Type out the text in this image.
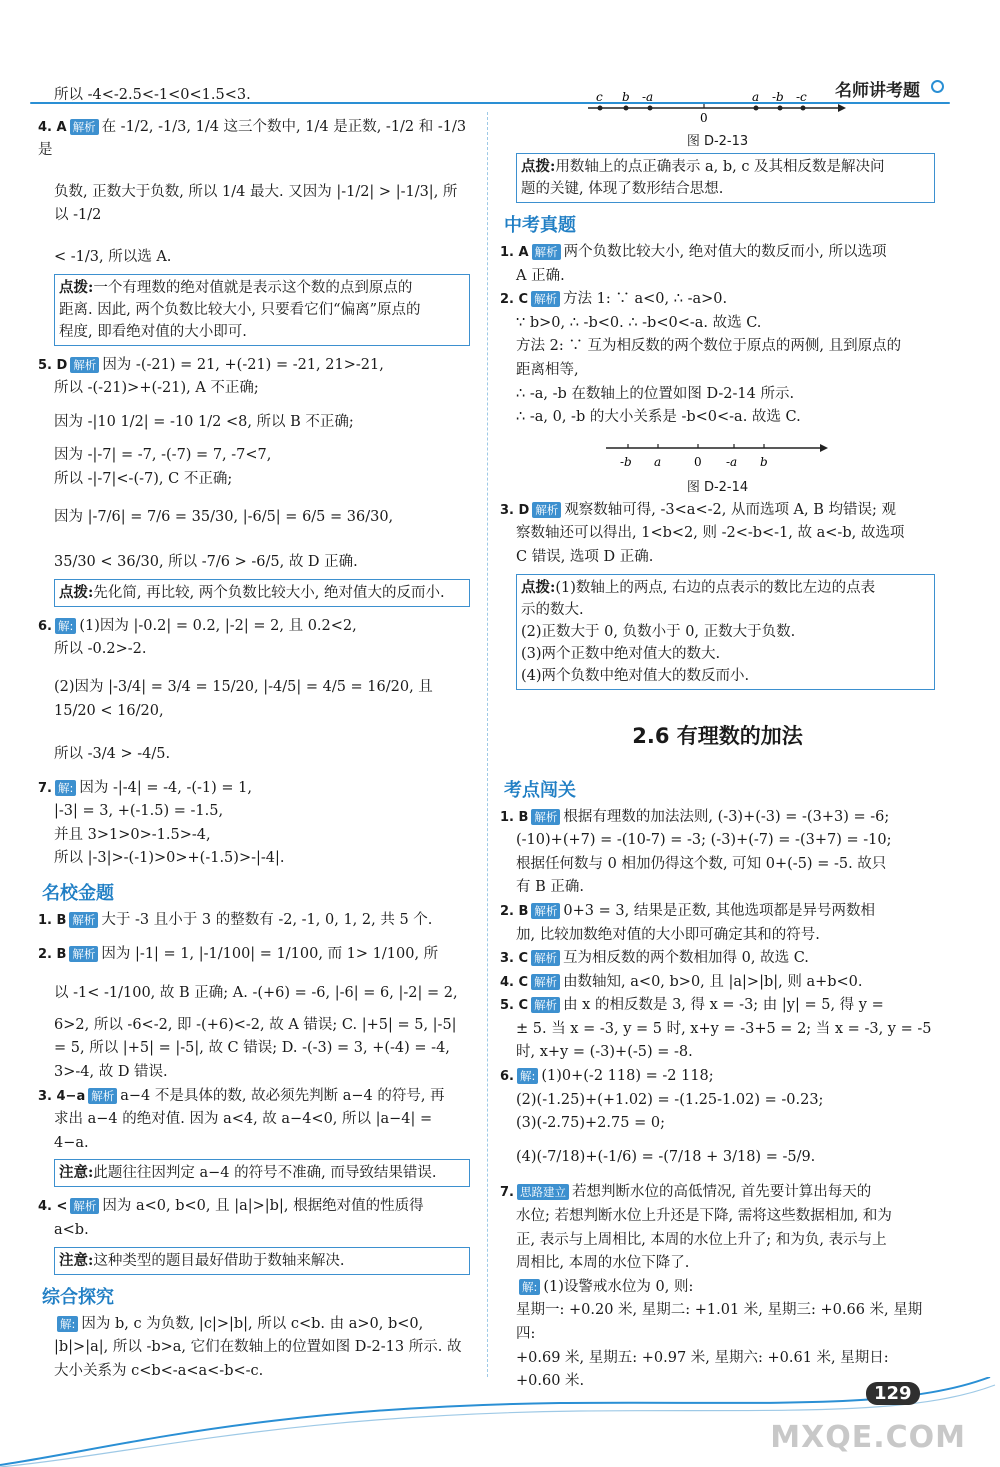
名师讲考题

所以 -4<-2.5<-1<0<1.5<3.

4. A 解析 在 -1/2, -1/3, 1/4 这三个数中, 1/4 是正数, -1/2 和 -1/3 是

负数, 正数大于负数, 所以 1/4 最大. 又因为 |-1/2| > |-1/3|, 所以 -1/2

< -1/3, 所以选 A.

点拨:一个有理数的绝对值就是表示这个数的点到原点的

距离. 因此, 两个负数比较大小, 只要看它们“偏离”原点的

程度, 即看绝对值的大小即可.

5. D 解析 因为 -(-21) = 21, +(-21) = -21, 21>-21,

所以 -(-21)>+(-21), A 不正确;

因为 -|10 1/2| = -10 1/2 <8, 所以 B 不正确;

因为 -|-7| = -7, -(-7) = 7, -7<7,

所以 -|-7|<-(-7), C 不正确;

因为 |-7/6| = 7/6 = 35/30, |-6/5| = 6/5 = 36/30,

35/30 < 36/30, 所以 -7/6 > -6/5, 故 D 正确.

点拨:先化简, 再比较, 两个负数比较大小, 绝对值大的反而小.

6. 解: (1)因为 |-0.2| = 0.2, |-2| = 2, 且 0.2<2,

所以 -0.2>-2.

(2)因为 |-3/4| = 3/4 = 15/20, |-4/5| = 4/5 = 16/20, 且 15/20 < 16/20,

所以 -3/4 > -4/5.

7. 解: 因为 -|-4| = -4, -(-1) = 1,

|-3| = 3, +(-1.5) = -1.5,

并且 3>1>0>-1.5>-4,

所以 |-3|>-(-1)>0>+(-1.5)>-|-4|.

名校金题

1. B 解析 大于 -3 且小于 3 的整数有 -2, -1, 0, 1, 2, 共 5 个.

2. B 解析 因为 |-1| = 1, |-1/100| = 1/100, 而 1> 1/100, 所

以 -1< -1/100, 故 B 正确; A. -(+6) = -6, |-6| = 6, |-2| = 2,

6>2, 所以 -6<-2, 即 -(+6)<-2, 故 A 错误; C. |+5| = 5, |-5|

= 5, 所以 |+5| = |-5|, 故 C 错误; D. -(-3) = 3, +(-4) = -4,

3>-4, 故 D 错误.

3. 4−a 解析 a−4 不是具体的数, 故必须先判断 a−4 的符号, 再

求出 a−4 的绝对值. 因为 a<4, 故 a−4<0, 所以 |a−4| = 4−a.

注意:此题往往因判定 a−4 的符号不准确, 而导致结果错误.

4. < 解析 因为 a<0, b<0, 且 |a|>|b|, 根据绝对值的性质得

a<b.

注意:这种类型的题目最好借助于数轴来解决.

综合探究

解: 因为 b, c 为负数, |c|>|b|, 所以 c<b. 由 a>0, b<0,

|b|>|a|, 所以 -b>a, 它们在数轴上的位置如图 D-2-13 所示. 故

大小关系为 c<b<-a<a<-b<-c.

c b -a
0
a -b -c
图 D-2-13

点拨:用数轴上的点正确表示 a, b, c 及其相反数是解决问

题的关键, 体现了数形结合思想.

中考真题

1. A 解析 两个负数比较大小, 绝对值大的数反而小, 所以选项

A 正确.

2. C 解析 方法 1: ∵ a<0, ∴ -a>0.

∵ b>0, ∴ -b<0. ∴ -b<0<-a. 故选 C.

方法 2: ∵ 互为相反数的两个数位于原点的两侧, 且到原点的

距离相等,

∴ -a, -b 在数轴上的位置如图 D-2-14 所示.

∴ -a, 0, -b 的大小关系是 -b<0<-a. 故选 C.

-b a	0 -a b
图 D-2-14

3. D 解析 观察数轴可得, -3<a<-2, 从而选项 A, B 均错误; 观

察数轴还可以得出, 1<b<2, 则 -2<-b<-1, 故 a<-b, 故选项

C 错误, 选项 D 正确.

点拨:(1)数轴上的两点, 右边的点表示的数比左边的点表

示的数大.

(2)正数大于 0, 负数小于 0, 正数大于负数.

(3)两个正数中绝对值大的数大.

(4)两个负数中绝对值大的数反而小.

2.6 有理数的加法
考点闯关

1. B 解析 根据有理数的加法法则, (-3)+(-3) = -(3+3) = -6;

(-10)+(+7) = -(10-7) = -3; (-3)+(-7) = -(3+7) = -10;

根据任何数与 0 相加仍得这个数, 可知 0+(-5) = -5. 故只

有 B 正确.

2. B 解析 0+3 = 3, 结果是正数, 其他选项都是异号两数相

加, 比较加数绝对值的大小即可确定其和的符号.

3. C 解析 互为相反数的两个数相加得 0, 故选 C.

4. C 解析 由数轴知, a<0, b>0, 且 |a|>|b|, 则 a+b<0.

5. C 解析 由 x 的相反数是 3, 得 x = -3; 由 |y| = 5, 得 y =

± 5. 当 x = -3, y = 5 时, x+y = -3+5 = 2; 当 x = -3, y = -5

时, x+y = (-3)+(-5) = -8.

6. 解: (1)0+(-2 118) = -2 118;

(2)(-1.25)+(+1.02) = -(1.25-1.02) = -0.23;

(3)(-2.75)+2.75 = 0;

(4)(-7/18)+(-1/6) = -(7/18 + 3/18) = -5/9.

7. 思路建立 若想判断水位的高低情况, 首先要计算出每天的

水位; 若想判断水位上升还是下降, 需将这些数据相加, 和为

正, 表示与上周相比, 本周的水位上升了; 和为负, 表示与上

周相比, 本周的水位下降了.

解: (1)设警戒水位为 0, 则:

星期一: +0.20 米, 星期二: +1.01 米, 星期三: +0.66 米, 星期四:

+0.69 米, 星期五: +0.97 米, 星期六: +0.61 米, 星期日: +0.60 米.

129
MXQE.COM
